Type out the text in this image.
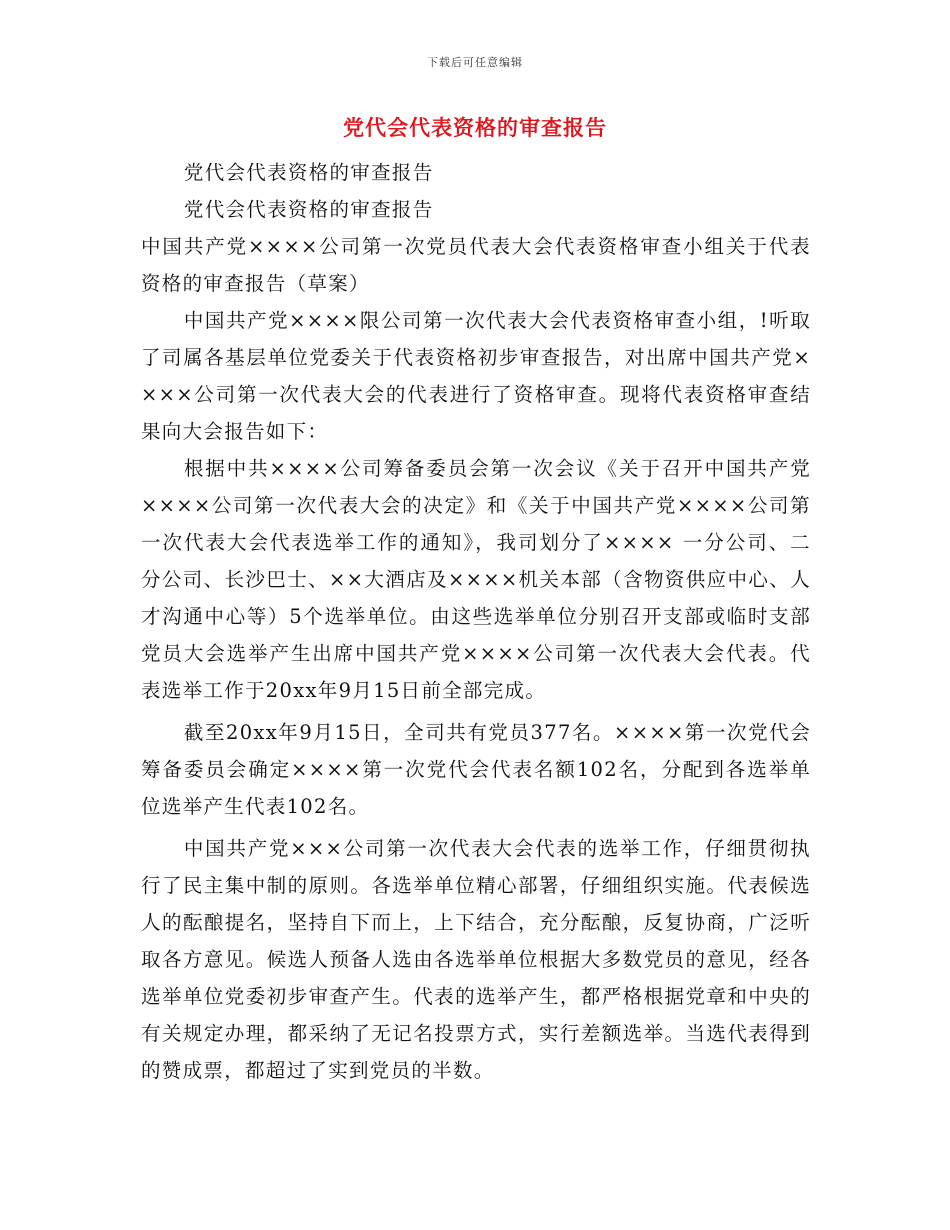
下载后可任意编辑
党代会代表资格的审查报告

党代会代表资格的审查报告

党代会代表资格的审查报告

中国共产党××××公司第一次党员代表大会代表资格审查小组关于代表资格的审查报告（草案）

中国共产党××××限公司第一次代表大会代表资格审查小组，!听取了司属各基层单位党委关于代表资格初步审查报告，对出席中国共产党××××公司第一次代表大会的代表进行了资格审查。现将代表资格审查结果向大会报告如下：

根据中共××××公司筹备委员会第一次会议《关于召开中国共产党××××公司第一次代表大会的决定》和《关于中国共产党××××公司第一次代表大会代表选举工作的通知》，我司划分了×××× 一分公司、二分公司、长沙巴士、××大酒店及××××机关本部（含物资供应中心、人才沟通中心等）5个选举单位。由这些选举单位分别召开支部或临时支部党员大会选举产生出席中国共产党××××公司第一次代表大会代表。代表选举工作于20xx年9月15日前全部完成。

截至20xx年9月15日，全司共有党员377名。××××第一次党代会筹备委员会确定××××第一次党代会代表名额102名，分配到各选举单位选举产生代表102名。

中国共产党×××公司第一次代表大会代表的选举工作，仔细贯彻执行了民主集中制的原则。各选举单位精心部署，仔细组织实施。代表候选人的酝酿提名，坚持自下而上，上下结合，充分酝酿，反复协商，广泛听取各方意见。候选人预备人选由各选举单位根据大多数党员的意见，经各选举单位党委初步审查产生。代表的选举产生，都严格根据党章和中央的有关规定办理，都采纳了无记名投票方式，实行差额选举。当选代表得到的赞成票，都超过了实到党员的半数。
